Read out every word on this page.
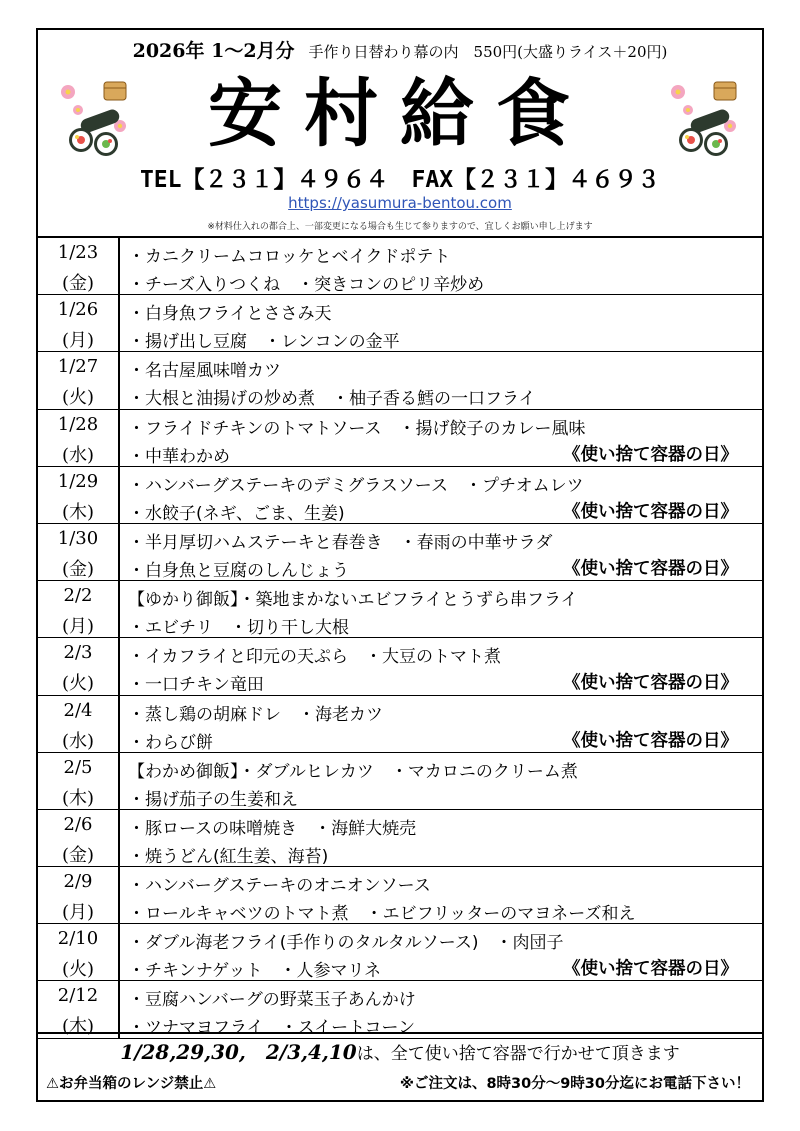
2026年 1〜2月分 手作り日替わり幕の内　550円(大盛りライス＋20円)
安村給食
TEL【２３１】４９６４　FAX【２３１】４６９３
https://yasumura-bentou.com
※材料仕入れの都合上、一部変更になる場合も生じて参りますので、宜しくお願い申し上げます
1/23
(金)
・カニクリームコロッケとベイクドポテト
・チーズ入りつくね　・突きコンのピリ辛炒め
1/26
(月)
・白身魚フライとささみ天
・揚げ出し豆腐　・レンコンの金平
1/27
(火)
・名古屋風味噌カツ
・大根と油揚げの炒め煮　・柚子香る鱈の一口フライ
1/28
(水)
・フライドチキンのトマトソース　・揚げ餃子のカレー風味
・中華わかめ	《使い捨て容器の日》
1/29
(木)
・ハンバーグステーキのデミグラスソース　・プチオムレツ
・水餃子(ネギ、ごま、生姜)	《使い捨て容器の日》
1/30
(金)
・半月厚切ハムステーキと春巻き　・春雨の中華サラダ
・白身魚と豆腐のしんじょう	《使い捨て容器の日》
2/2
(月)
【ゆかり御飯】・築地まかないエビフライとうずら串フライ
・エビチリ　・切り干し大根
2/3
(火)
・イカフライと印元の天ぷら　・大豆のトマト煮
・一口チキン竜田	《使い捨て容器の日》
2/4
(水)
・蒸し鶏の胡麻ドレ　・海老カツ
・わらび餅	《使い捨て容器の日》
2/5
(木)
【わかめ御飯】・ダブルヒレカツ　・マカロニのクリーム煮
・揚げ茄子の生姜和え
2/6
(金)
・豚ロースの味噌焼き　・海鮮大焼売
・焼うどん(紅生姜、海苔)
2/9
(月)
・ハンバーグステーキのオニオンソース
・ロールキャベツのトマト煮　・エビフリッターのマヨネーズ和え
2/10
(火)
・ダブル海老フライ(手作りのタルタルソース)　・肉団子
・チキンナゲット　・人参マリネ	《使い捨て容器の日》
2/12
(木)
・豆腐ハンバーグの野菜玉子あんかけ
・ツナマヨフライ　・スイートコーン
1/28,29,30,　2/3,4,10は、全て使い捨て容器で行かせて頂きます
⚠お弁当箱のレンジ禁止⚠	※ご注文は、8時30分〜9時30分迄にお電話下さい！
